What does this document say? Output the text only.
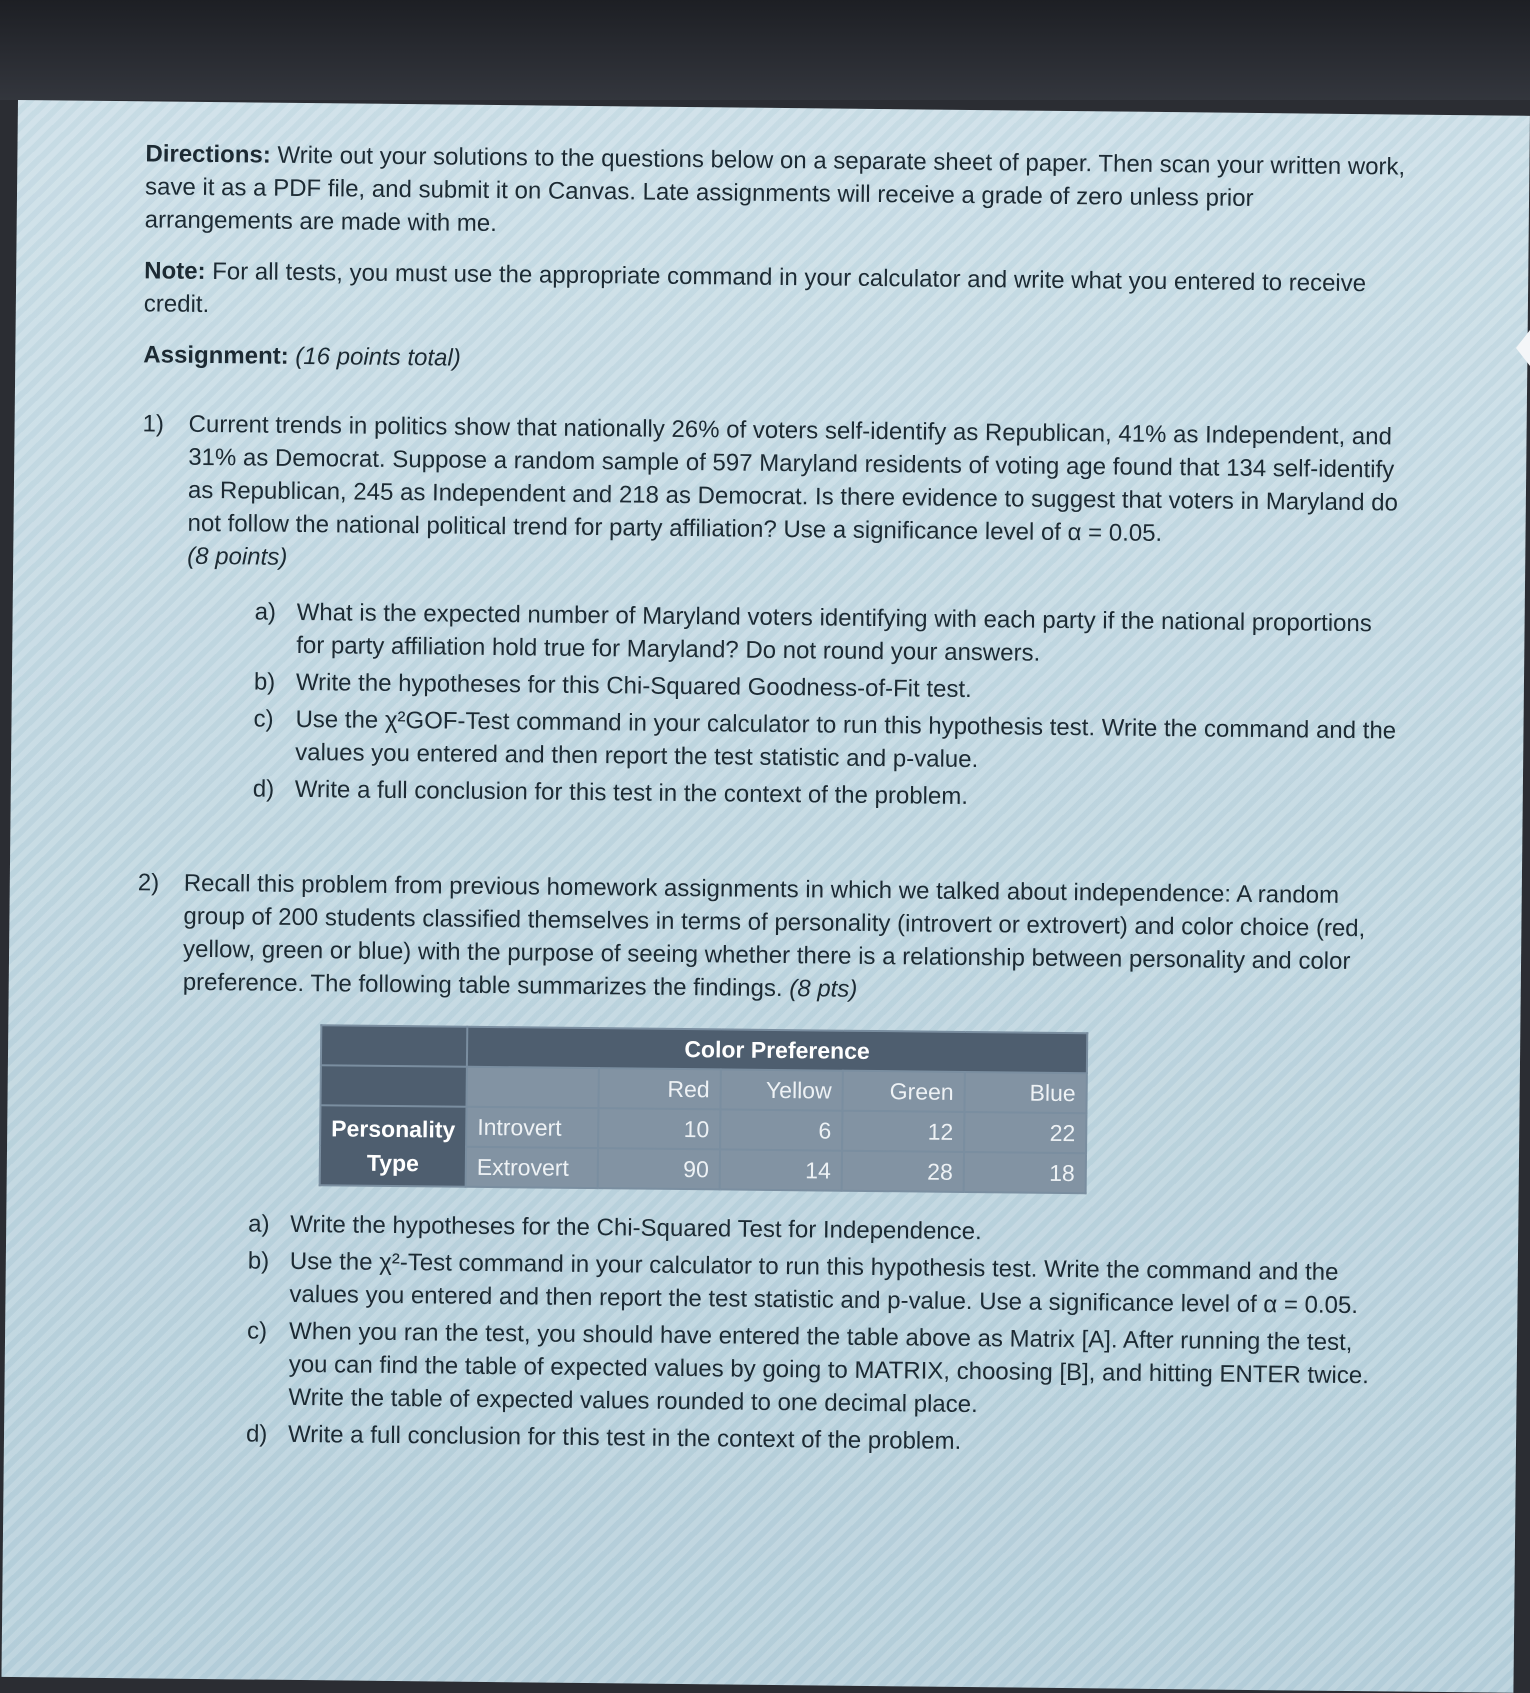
Directions: Write out your solutions to the questions below on a separate sheet of paper. Then scan your written work, save it as a PDF file, and submit it on Canvas. Late assignments will receive a grade of zero unless prior arrangements are made with me.

Note: For all tests, you must use the appropriate command in your calculator and write what you entered to receive credit.

Assignment: (16 points total)

1)	Current trends in politics show that nationally 26% of voters self-identify as Republican, 41% as Independent, and 31% as Democrat. Suppose a random sample of 597 Maryland residents of voting age found that 134 self-identify as Republican, 245 as Independent and 218 as Democrat. Is there evidence to suggest that voters in Maryland do not follow the national political trend for party affiliation? Use a significance level of α = 0.05.
(8 points)
a) What is the expected number of Maryland voters identifying with each party if the national proportions for party affiliation hold true for Maryland? Do not round your answers.
b) Write the hypotheses for this Chi-Squared Goodness-of-Fit test.
c) Use the χ²GOF-Test command in your calculator to run this hypothesis test. Write the command and the values you entered and then report the test statistic and p-value.
d) Write a full conclusion for this test in the context of the problem.
2)	Recall this problem from previous homework assignments in which we talked about independence: A random group of 200 students classified themselves in terms of personality (introvert or extrovert) and color choice (red, yellow, green or blue) with the purpose of seeing whether there is a relationship between personality and color preference. The following table summarizes the findings. (8 pts)
	Color Preference				
		Red	Yellow	Green	Blue
Personality
Type	Introvert	10	6	12	22
	Extrovert	90	14	28	18
a) Write the hypotheses for the Chi-Squared Test for Independence.
b) Use the χ²-Test command in your calculator to run this hypothesis test. Write the command and the values you entered and then report the test statistic and p-value. Use a significance level of α = 0.05.
c) When you ran the test, you should have entered the table above as Matrix [A]. After running the test, you can find the table of expected values by going to MATRIX, choosing [B], and hitting ENTER twice. Write the table of expected values rounded to one decimal place.
d) Write a full conclusion for this test in the context of the problem.
